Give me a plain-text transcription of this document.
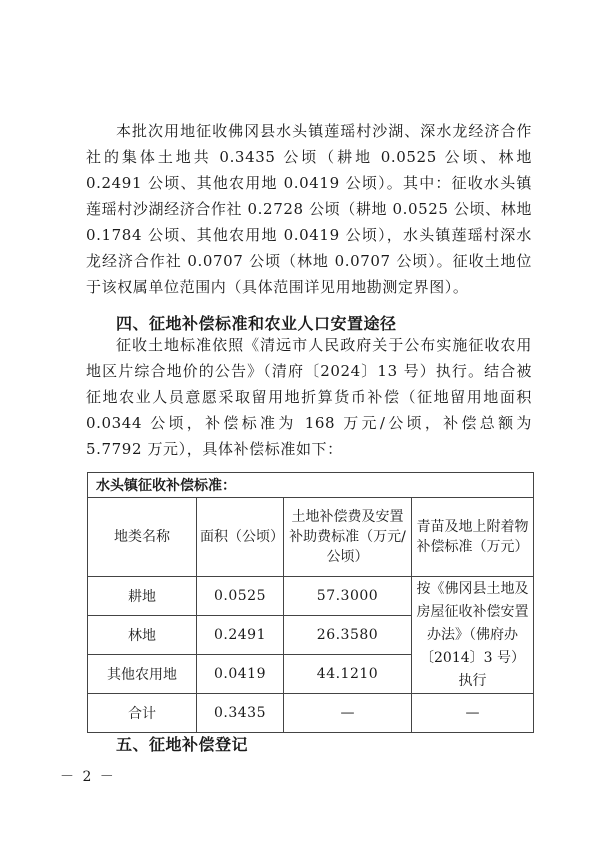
本批次用地征收佛冈县水头镇莲瑶村沙湖、深水龙经济合作社的集体土地共 0.3435 公顷（耕地 0.0525 公顷、林地 0.2491 公顷、其他农用地 0.0419 公顷）。其中：征收水头镇莲瑶村沙湖经济合作社 0.2728 公顷（耕地 0.0525 公顷、林地 0.1784 公顷、其他农用地 0.0419 公顷），水头镇莲瑶村深水龙经济合作社 0.0707 公顷（林地 0.0707 公顷）。征收土地位于该权属单位范围内（具体范围详见用地勘测定界图）。

四、征地补偿标准和农业人口安置途径

征收土地标准依照《清远市人民政府关于公布实施征收农用地区片综合地价的公告》（清府〔2024〕13 号）执行。结合被征地农业人员意愿采取留用地折算货币补偿（征地留用地面积 0.0344 公顷，补偿标准为 168 万元/公顷，补偿总额为 5.7792 万元），具体补偿标准如下：

水头镇征收补偿标准：			
地类名称	面积（公顷）	土地补偿费及安置补助费标准（万元/公顷）	青苗及地上附着物补偿标准（万元）
耕地	0.0525	57.3000	按《佛冈县土地及房屋征收补偿安置办法》（佛府办〔2014〕3 号）执行
林地	0.2491	26.3580	
其他农用地	0.0419	44.1210	
合计	0.3435	—	—
五、征地补偿登记
－ 2 －
